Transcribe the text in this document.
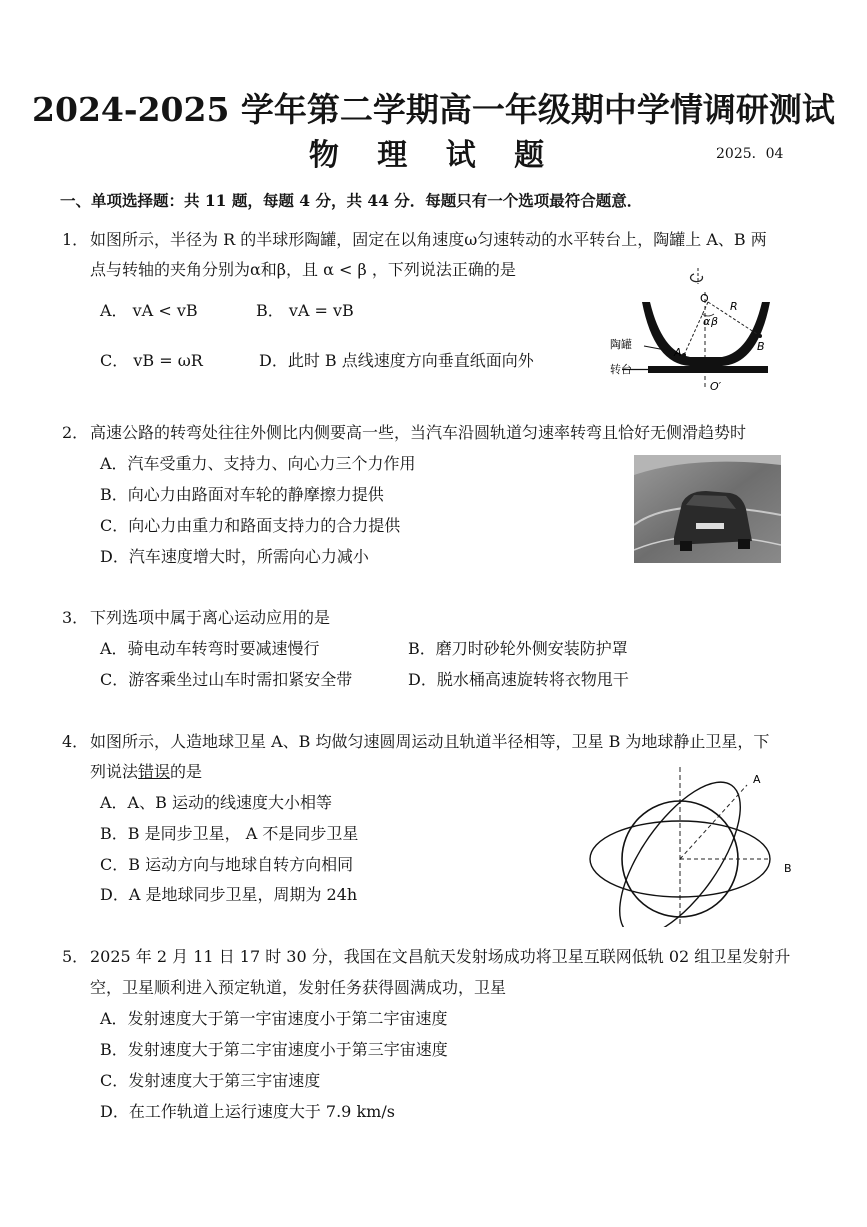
2024-2025 学年第二学期高一年级期中学情调研测试
物 理 试 题	2025．04
一、单项选择题：共 11 题，每题 4 分，共 44 分．每题只有一个选项最符合题意．
1． 如图所示，半径为 R 的半球形陶罐，固定在以角速度ω匀速转动的水平转台上，陶罐上 A、B 两
点与转轴的夹角分别为α和β，且 α < β ，下列说法正确的是
A． vA < vB	B． vA = vB
C． vB = ωR	D．此时 B 点线速度方向垂直纸面向外
O
R
α β
A	B
陶罐
转台
O′
2． 高速公路的转弯处往往外侧比内侧要高一些，当汽车沿圆轨道匀速率转弯且恰好无侧滑趋势时
A．汽车受重力、支持力、向心力三个力作用
B．向心力由路面对车轮的静摩擦力提供
C．向心力由重力和路面支持力的合力提供
D．汽车速度增大时，所需向心力减小
3． 下列选项中属于离心运动应用的是
A．骑电动车转弯时要减速慢行	B．磨刀时砂轮外侧安装防护罩
C．游客乘坐过山车时需扣紧安全带	D．脱水桶高速旋转将衣物甩干
4． 如图所示，人造地球卫星 A、B 均做匀速圆周运动且轨道半径相等，卫星 B 为地球静止卫星，下
列说法错误的是
A．A、B 运动的线速度大小相等
B．B 是同步卫星， A 不是同步卫星
C．B 运动方向与地球自转方向相同
D．A 是地球同步卫星，周期为 24h
A
B
5． 2025 年 2 月 11 日 17 时 30 分，我国在文昌航天发射场成功将卫星互联网低轨 02 组卫星发射升
空，卫星顺利进入预定轨道，发射任务获得圆满成功，卫星
A．发射速度大于第一宇宙速度小于第二宇宙速度
B．发射速度大于第二宇宙速度小于第三宇宙速度
C．发射速度大于第三宇宙速度
D．在工作轨道上运行速度大于 7.9 km/s
